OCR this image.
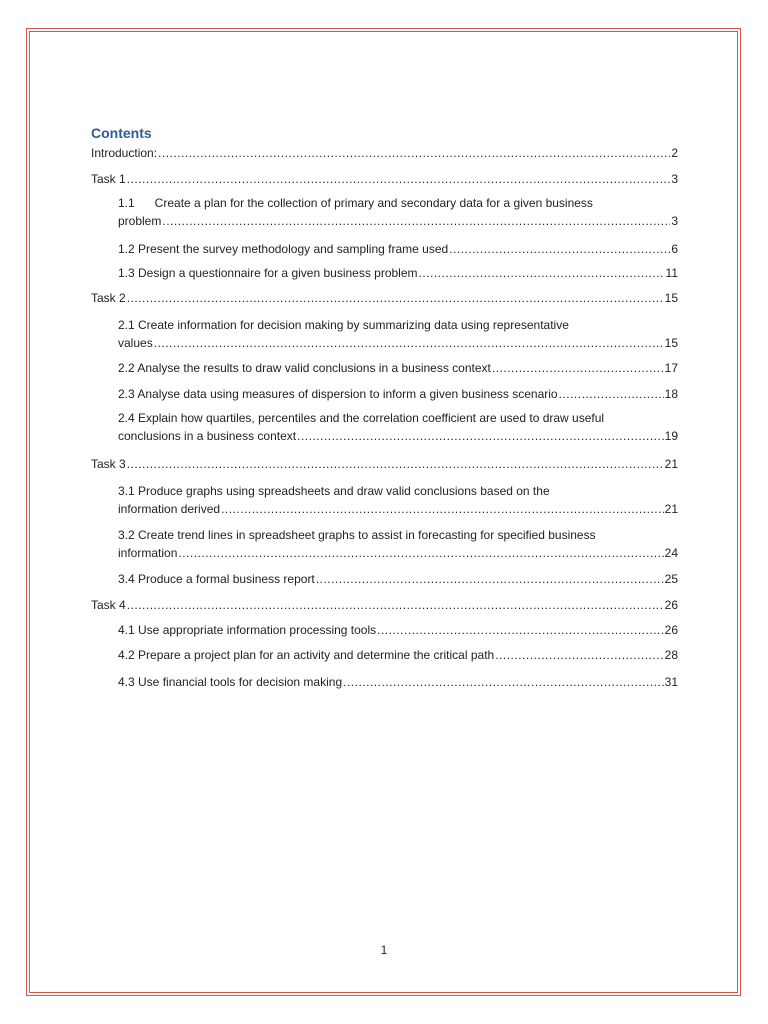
Contents
Introduction: .....	2
Task 1 .....	3
1.1      Create a plan for the collection of primary and secondary data for a given business
problem .....	3
1.2 Present the survey methodology and sampling frame used .....	6
1.3 Design a questionnaire for a given business problem .....	11
Task 2 .....	15
2.1 Create information for decision making by summarizing data using representative
values .....	15
2.2 Analyse the results to draw valid conclusions in a business context .....	17
2.3 Analyse data using measures of dispersion to inform a given business scenario .....	18
2.4 Explain how quartiles, percentiles and the correlation coefficient are used to draw useful
conclusions in a business context .....	19
Task 3 .....	21
3.1 Produce graphs using spreadsheets and draw valid conclusions based on the
information derived .....	21
3.2 Create trend lines in spreadsheet graphs to assist in forecasting for specified business
information .....	24
3.4 Produce a formal business report .....	25
Task 4 .....	26
4.1 Use appropriate information processing tools .....	26
4.2 Prepare a project plan for an activity and determine the critical path .....	28
4.3 Use financial tools for decision making .....	31
1
